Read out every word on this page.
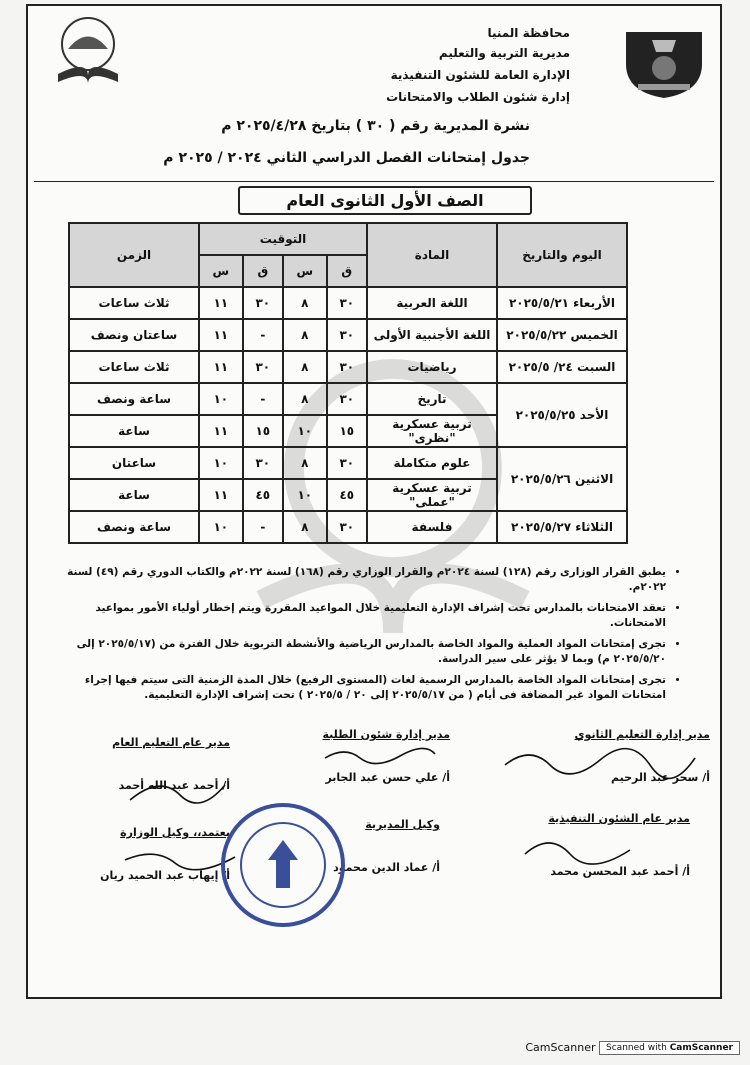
محافظة المنيا
مديرية التربية والتعليم
الإدارة العامة للشئون التنفيذية
إدارة شئون الطلاب والامتحانات
نشرة المديرية رقم ( ٣٠ ) بتاريخ ٢٠٢٥/٤/٢٨ م
جدول إمتحانات الفصل الدراسي الثاني ٢٠٢٤ / ٢٠٢٥ م
الصف الأول الثانوى العام
اليوم والتاريخ	المادة	التوقيت				الزمن
		ق	س	ق	س	
الأربعاء ٢٠٢٥/٥/٢١	اللغة العربية	٣٠	٨	٣٠	١١	ثلاث ساعات
الخميس ٢٠٢٥/٥/٢٢	اللغة الأجنبية الأولى	٣٠	٨	-	١١	ساعتان ونصف
السبت ٢٤/ ٢٠٢٥/٥	رياضيات	٣٠	٨	٣٠	١١	ثلاث ساعات
الأحد ٢٠٢٥/٥/٢٥	تاريخ	٣٠	٨	-	١٠	ساعة ونصف
	تربية عسكرية "نظرى"	١٥	١٠	١٥	١١	ساعة
الاثنين ٢٠٢٥/٥/٢٦	علوم متكاملة	٣٠	٨	٣٠	١٠	ساعتان
	تربية عسكرية "عملى"	٤٥	١٠	٤٥	١١	ساعة
الثلاثاء ٢٠٢٥/٥/٢٧	فلسفة	٣٠	٨	-	١٠	ساعة ونصف
• يطبق القرار الوزارى رقم (١٢٨) لسنة ٢٠٢٤م والقرار الوزاري رقم (١٦٨) لسنة ٢٠٢٢م والكتاب الدوري رقم (٤٩) لسنة ٢٠٢٢م.
• تعقد الامتحانات بالمدارس تحت إشراف الإدارة التعليمية خلال المواعيد المقررة ويتم إخطار أولياء الأمور بمواعيد الامتحانات.
• تجرى إمتحانات المواد العملية والمواد الخاصة بالمدارس الرياضية والأنشطة التربوية خلال الفترة من (٢٠٢٥/٥/١٧ إلى ٢٠٢٥/٥/٢٠ م) وبما لا يؤثر على سير الدراسة.
• تجرى إمتحانات المواد الخاصة بالمدارس الرسمية لغات (المستوى الرفيع) خلال المدة الزمنية التى سيتم فيها إجراء امتحانات المواد غير المضافة فى أيام ( من ٢٠٢٥/٥/١٧ إلى ٢٠ / ٢٠٢٥/٥ ) تحت إشراف الإدارة التعليمية.
مدير إدارة التعليم الثانوي
أ/ سحر عبد الرحيم
مدير إدارة شئون الطلبة
أ/ علي حسن عبد الجابر
مدير عام التعليم العام
أ/ أحمد عبد الله أحمد
مدير عام الشئون التنفيذية
أ/ أحمد عبد المحسن محمد
وكيل المديرية
أ/ عماد الدين محمود
يعتمد،، وكيل الوزارة
أ/ إيهاب عبد الحميد ريان
CamScanner Scanned with CamScanner
